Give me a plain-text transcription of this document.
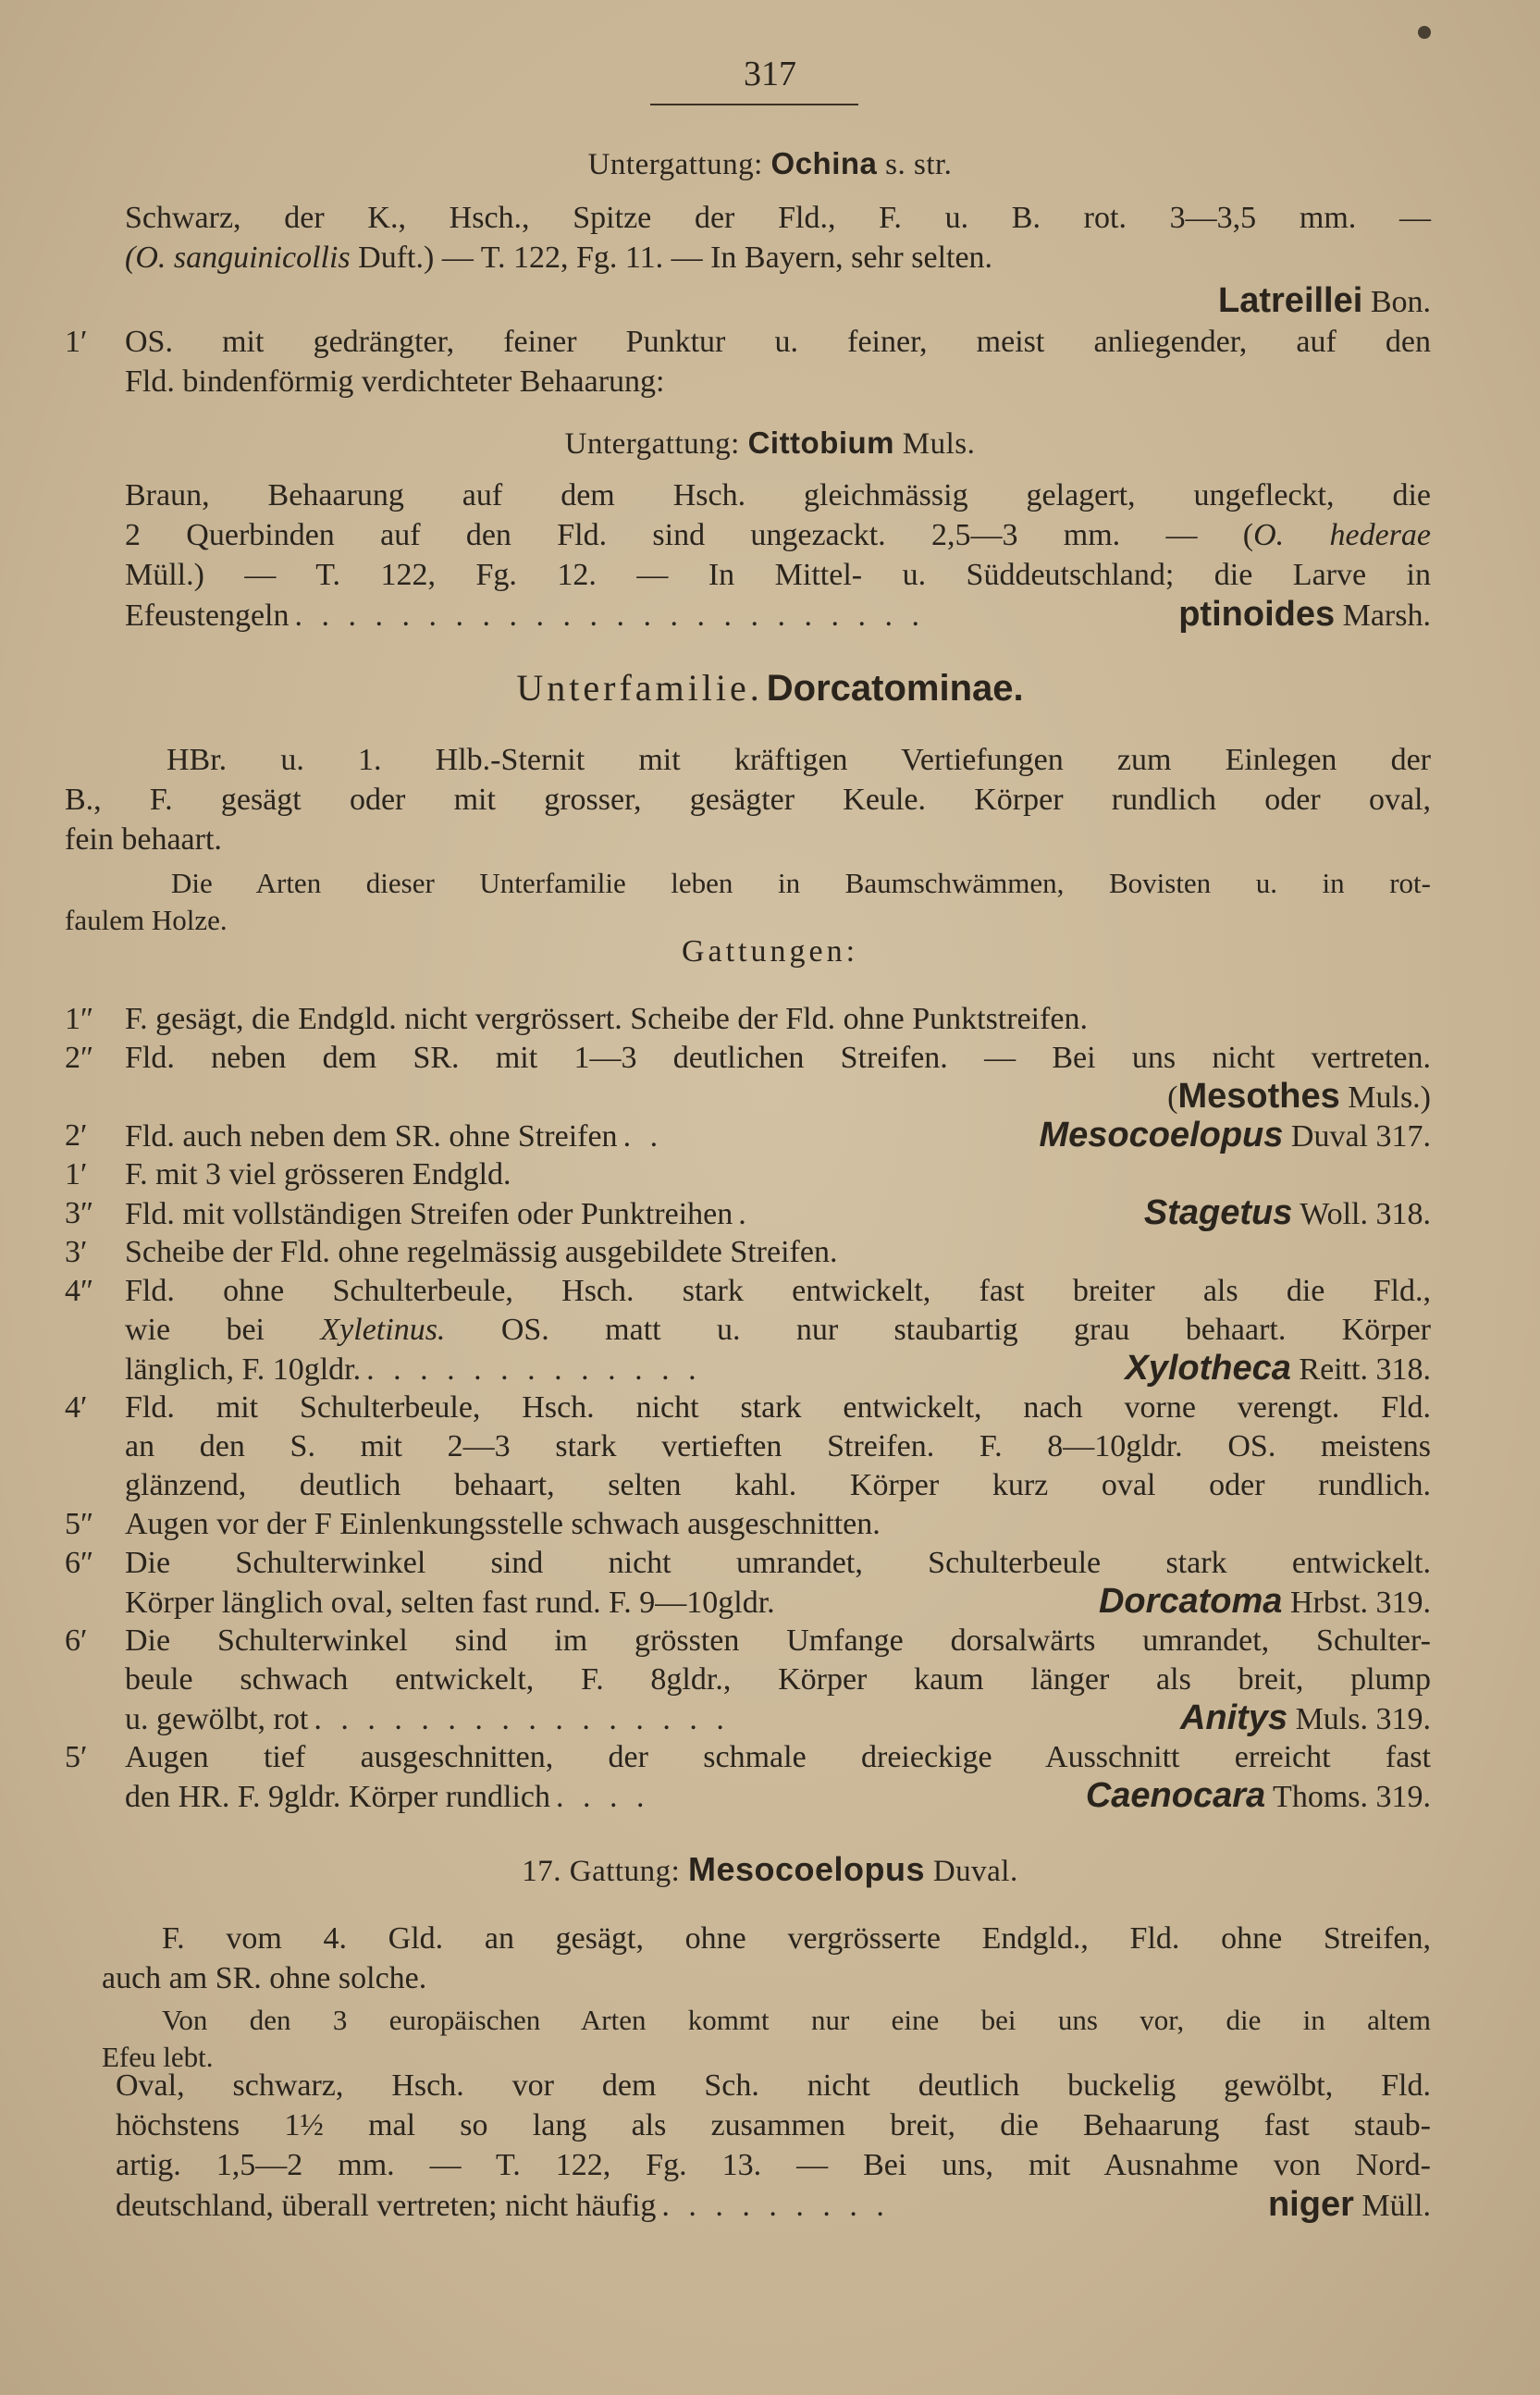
317
Untergattung: Ochina s. str.
Schwarz, der K., Hsch., Spitze der Fld., F. u. B. rot. 3—3,5 mm. —
(O. sanguinicollis Duft.) — T. 122, Fg. 11. — In Bayern, sehr selten.
Latreillei Bon.
1′	OS. mit gedrängter, feiner Punktur u. feiner, meist anliegender, auf den
Fld. bindenförmig verdichteter Behaarung:
Untergattung: Cittobium Muls.
Braun, Behaarung auf dem Hsch. gleichmässig gelagert, ungefleckt, die
2 Querbinden auf den Fld. sind ungezackt. 2,5—3 mm. — (O. hederae
Müll.) — T. 122, Fg. 12. — In Mittel- u. Süddeutschland; die Larve in
Efeustengeln . . . . . . . . . . . . . . . . . . . . . . . .	ptinoides Marsh.
Unterfamilie. Dorcatominae.
HBr. u. 1. Hlb.-Sternit mit kräftigen Vertiefungen zum Einlegen der
B., F. gesägt oder mit grosser, gesägter Keule. Körper rundlich oder oval,
fein behaart.
Die Arten dieser Unterfamilie leben in Baumschwämmen, Bovisten u. in rot-
faulem Holze.
Gattungen:
1″ F. gesägt, die Endgld. nicht vergrössert. Scheibe der Fld. ohne Punktstreifen.
2″ Fld. neben dem SR. mit 1—3 deutlichen Streifen. — Bei uns nicht vertreten.
(Mesothes Muls.)
2′	Fld. auch neben dem SR. ohne Streifen . .	Mesocoelopus Duval 317.
1′	F. mit 3 viel grösseren Endgld.
3″ Fld. mit vollständigen Streifen oder Punktreihen .	Stagetus Woll. 318.
3′	Scheibe der Fld. ohne regelmässig ausgebildete Streifen.
4″ Fld. ohne Schulterbeule, Hsch. stark entwickelt, fast breiter als die Fld.,
wie bei Xyletinus. OS. matt u. nur staubartig grau behaart. Körper
länglich, F. 10gldr. . . . . . . . . . . . . .	Xylotheca Reitt. 318.
4′	Fld. mit Schulterbeule, Hsch. nicht stark entwickelt, nach vorne verengt. Fld.
an den S. mit 2—3 stark vertieften Streifen. F. 8—10gldr. OS. meistens
glänzend, deutlich behaart, selten kahl. Körper kurz oval oder rundlich.
5″ Augen vor der F Einlenkungsstelle schwach ausgeschnitten.
6″ Die Schulterwinkel sind nicht umrandet, Schulterbeule stark entwickelt.
Körper länglich oval, selten fast rund. F. 9—10gldr.	Dorcatoma Hrbst. 319.
6′	Die Schulterwinkel sind im grössten Umfange dorsalwärts umrandet, Schulter-
beule schwach entwickelt, F. 8gldr., Körper kaum länger als breit, plump
u. gewölbt, rot . . . . . . . . . . . . . . . .	Anitys Muls. 319.
5′	Augen tief ausgeschnitten, der schmale dreieckige Ausschnitt erreicht fast
den HR. F. 9gldr. Körper rundlich . . . .	Caenocara Thoms. 319.
17. Gattung: Mesocoelopus Duval.
F. vom 4. Gld. an gesägt, ohne vergrösserte Endgld., Fld. ohne Streifen,
auch am SR. ohne solche.
Von den 3 europäischen Arten kommt nur eine bei uns vor, die in altem
Efeu lebt.
Oval, schwarz, Hsch. vor dem Sch. nicht deutlich buckelig gewölbt, Fld.
höchstens 1½ mal so lang als zusammen breit, die Behaarung fast staub-
artig. 1,5—2 mm. — T. 122, Fg. 13. — Bei uns, mit Ausnahme von Nord-
deutschland, überall vertreten; nicht häufig . . . . . . . . .	niger Müll.
